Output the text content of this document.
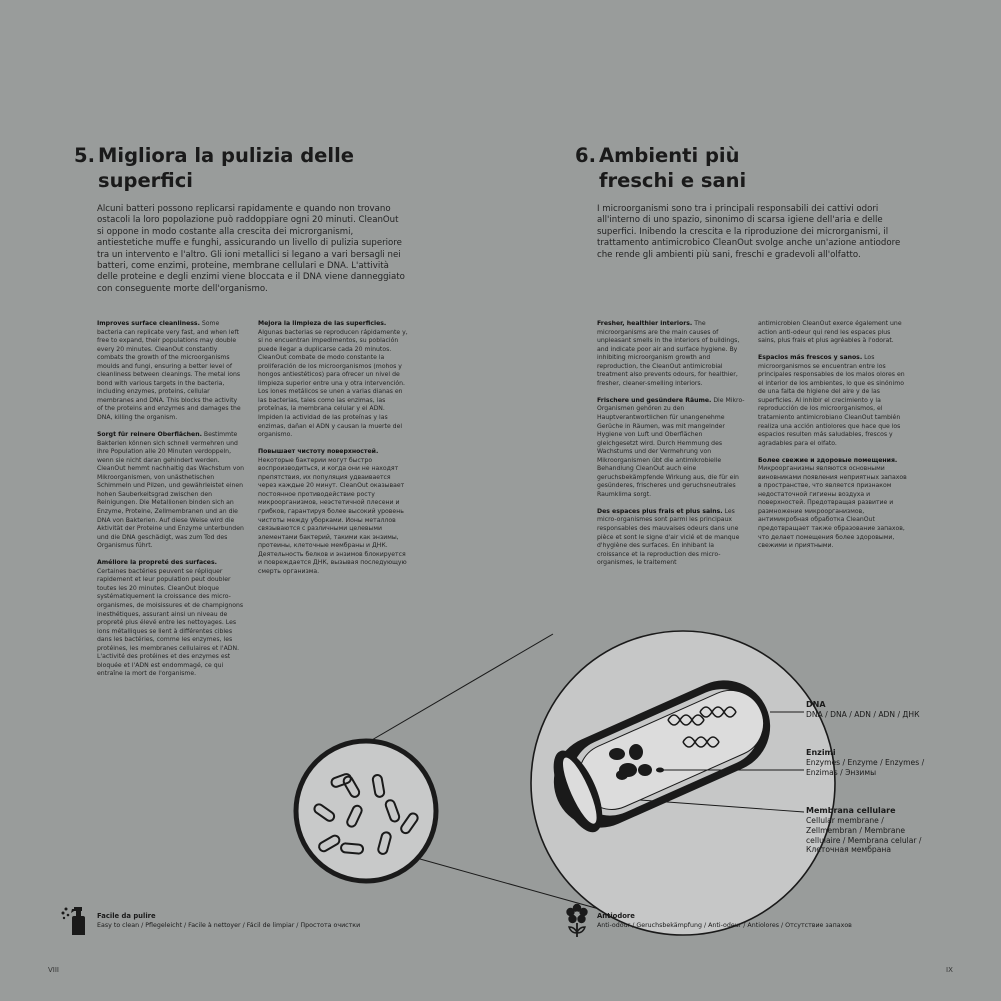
5. Migliora la pulizia delle
superfici

Alcuni batteri possono replicarsi rapidamente e quando non trovano ostacoli la loro popolazione può raddoppiare ogni 20 minuti. CleanOut si oppone in modo costante alla crescita dei microrganismi, antiestetiche muffe e funghi, assicurando un livello di pulizia superiore tra un intervento e l'altro. Gli ioni metallici si legano a vari bersagli nei batteri, come enzimi, proteine, membrane cellulari e DNA. L'attività delle proteine e degli enzimi viene bloccata e il DNA viene danneggiato con conseguente morte dell'organismo.

Improves surface cleanliness. Some bacteria can replicate very fast, and when left free to expand, their populations may double every 20 minutes. CleanOut constantly combats the growth of the microorganisms moulds and fungi, ensuring a better level of cleanliness between cleanings. The metal ions bond with various targets in the bacteria, including enzymes, proteins, cellular membranes and DNA. This blocks the activity of the proteins and enzymes and damages the DNA, killing the organism.

Sorgt für reinere Oberflächen. Bestimmte Bakterien können sich schnell vermehren und ihre Population alle 20 Minuten verdoppeln, wenn sie nicht daran gehindert werden. CleanOut hemmt nachhaltig das Wachstum von Mikroorganismen, von unästhetischen Schimmeln und Pilzen, und gewährleistet einen hohen Sauberkeitsgrad zwischen den Reinigungen. Die Metallionen binden sich an Enzyme, Proteine, Zellmembranen und an die DNA von Bakterien. Auf diese Weise wird die Aktivität der Proteine und Enzyme unterbunden und die DNA geschädigt, was zum Tod des Organismus führt.

Améliore la propreté des surfaces. Certaines bactéries peuvent se répliquer rapidement et leur population peut doubler toutes les 20 minutes. CleanOut bloque systématiquement la croissance des micro-organismes, de moisissures et de champignons inesthétiques, assurant ainsi un niveau de propreté plus élevé entre les nettoyages. Les ions métalliques se lient à différentes cibles dans les bactéries, comme les enzymes, les protéines, les membranes cellulaires et l'ADN. L'activité des protéines et des enzymes est bloquée et l'ADN est endommagé, ce qui entraîne la mort de l'organisme.

Mejora la limpieza de las superficies. Algunas bacterias se reproducen rápidamente y, si no encuentran impedimentos, su población puede llegar a duplicarse cada 20 minutos. CleanOut combate de modo constante la proliferación de los microorganismos (mohos y hongos antiestéticos) para ofrecer un nivel de limpieza superior entre una y otra intervención. Los iones metálicos se unen a varias dianas en las bacterias, tales como las enzimas, las proteínas, la membrana celular y el ADN. Impiden la actividad de las proteínas y las enzimas, dañan el ADN y causan la muerte del organismo.

Повышает чистоту поверхностей. Некоторые бактерии могут быстро воспроизводиться, и когда они не находят препятствия, их популяция удваивается через каждые 20 минут. CleanOut оказывает постоянное противодействие росту микроорганизмов, неэстетичной плесени и грибков, гарантируя более высокий уровень чистоты между уборками. Ионы металлов связываются с различными целевыми элементами бактерий, такими как энзимы, протеины, клеточные мембраны и ДНК. Деятельность белков и энзимов блокируется и повреждается ДНК, вызывая последующую смерть организма.

Facile da pulire
Easy to clean / Pflegeleicht / Facile à nettoyer / Fácil de limpiar / Простота очистки
VIII
6. Ambienti più
freschi e sani

I microorganismi sono tra i principali responsabili dei cattivi odori all'interno di uno spazio, sinonimo di scarsa igiene dell'aria e delle superfici. Inibendo la crescita e la riproduzione dei microrganismi, il trattamento antimicrobico CleanOut svolge anche un'azione antiodore che rende gli ambienti più sani, freschi e gradevoli all'olfatto.

Fresher, healthier interiors. The microorganisms are the main causes of unpleasant smells in the interiors of buildings, and indicate poor air and surface hygiene. By inhibiting microorganism growth and reproduction, the CleanOut antimicrobial treatment also prevents odours, for healthier, fresher, cleaner-smelling interiors.

Frischere und gesündere Räume. Die Mikro-Organismen gehören zu den Hauptverantwortlichen für unangenehme Gerüche in Räumen, was mit mangelnder Hygiene von Luft und Oberflächen gleichgesetzt wird. Durch Hemmung des Wachstums und der Vermehrung von Mikroorganismen übt die antimikrobielle Behandlung CleanOut auch eine geruchsbekämpfende Wirkung aus, die für ein gesünderes, frischeres und geruchsneutrales Raumklima sorgt.

Des espaces plus frais et plus sains. Les micro-organismes sont parmi les principaux responsables des mauvaises odeurs dans une pièce et sont le signe d'air vicié et de manque d'hygiène des surfaces. En inhibant la croissance et la reproduction des micro-organismes, le traitement

antimicrobien CleanOut exerce également une action anti-odeur qui rend les espaces plus sains, plus frais et plus agréables à l'odorat.

Espacios más frescos y sanos. Los microorganismos se encuentran entre los principales responsables de los malos olores en el interior de los ambientes, lo que es sinónimo de una falta de higiene del aire y de las superficies. Al inhibir el crecimiento y la reproducción de los microorganismos, el tratamiento antimicrobiano CleanOut también realiza una acción antiolores que hace que los espacios resulten más saludables, frescos y agradables para el olfato.

Более свежие и здоровые помещения. Микроорганизмы являются основными виновниками появления неприятных запахов в пространстве, что является признаком недостаточной гигиены воздуха и поверхностей. Предотвращая развитие и размножение микроорганизмов, антимикробная обработка CleanOut предотвращает также образование запахов, что делает помещения более здоровыми, свежими и приятными.

DNA
DNA / DNA / ADN / ADN / ДНК
Enzimi
Enzymes / Enzyme / Enzymes / Enzimas / Энзимы
Membrana cellulare
Cellular membrane / Zellmembran / Membrane cellulaire / Membrana celular / Клеточная мембрана
Antiodore
Anti-odour / Geruchsbekämpfung / Anti-odeur / Antiolores / Отсутствие запахов
IX
